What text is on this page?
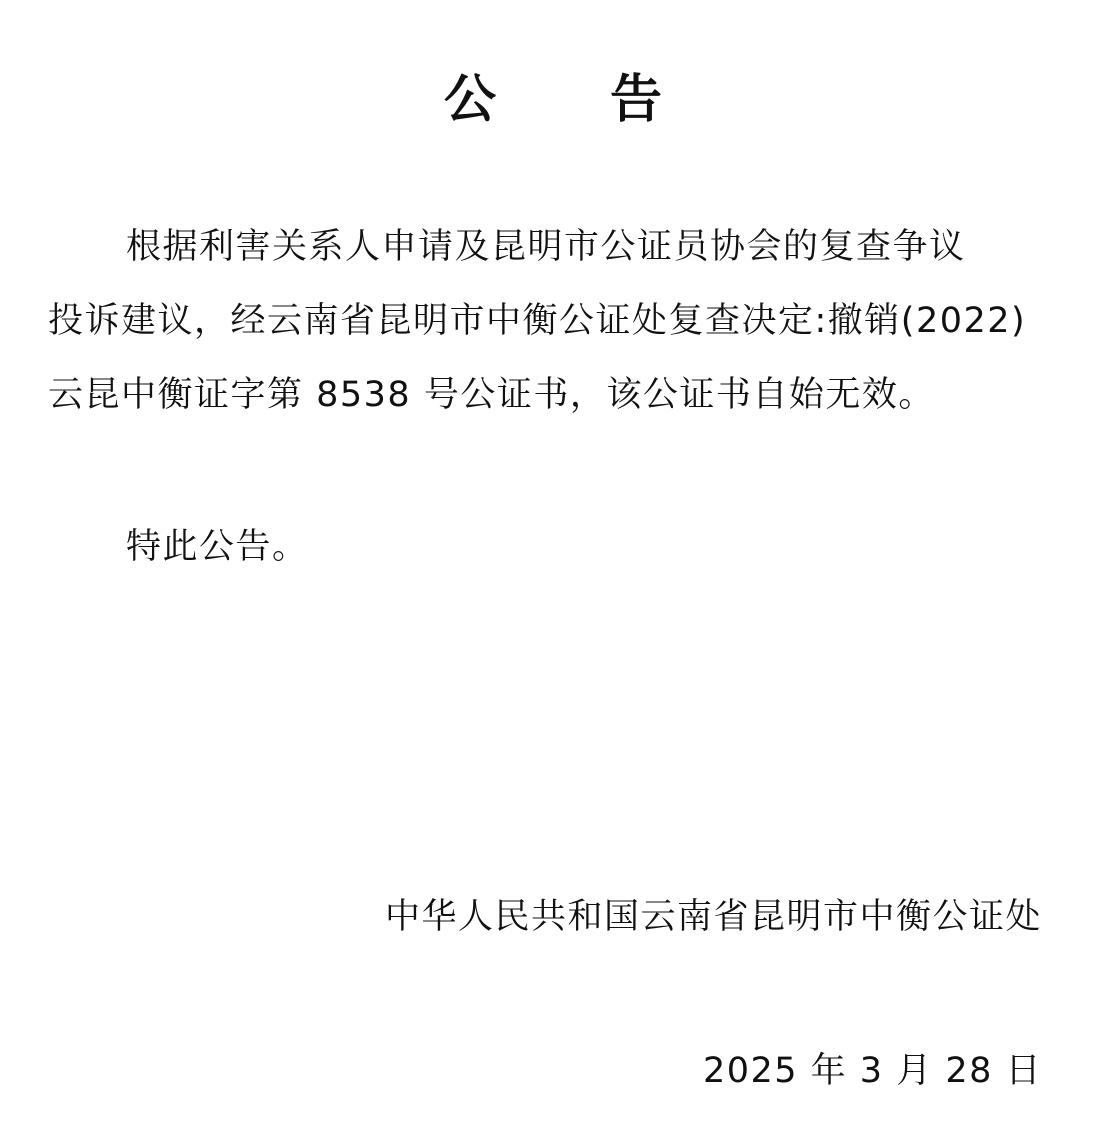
公 告
根据利害关系人申请及昆明市公证员协会的复查争议
投诉建议，经云南省昆明市中衡公证处复查决定:撤销(2022)
云昆中衡证字第 8538 号公证书，该公证书自始无效。
特此公告。
中华人民共和国云南省昆明市中衡公证处
2025 年 3 月 28 日
